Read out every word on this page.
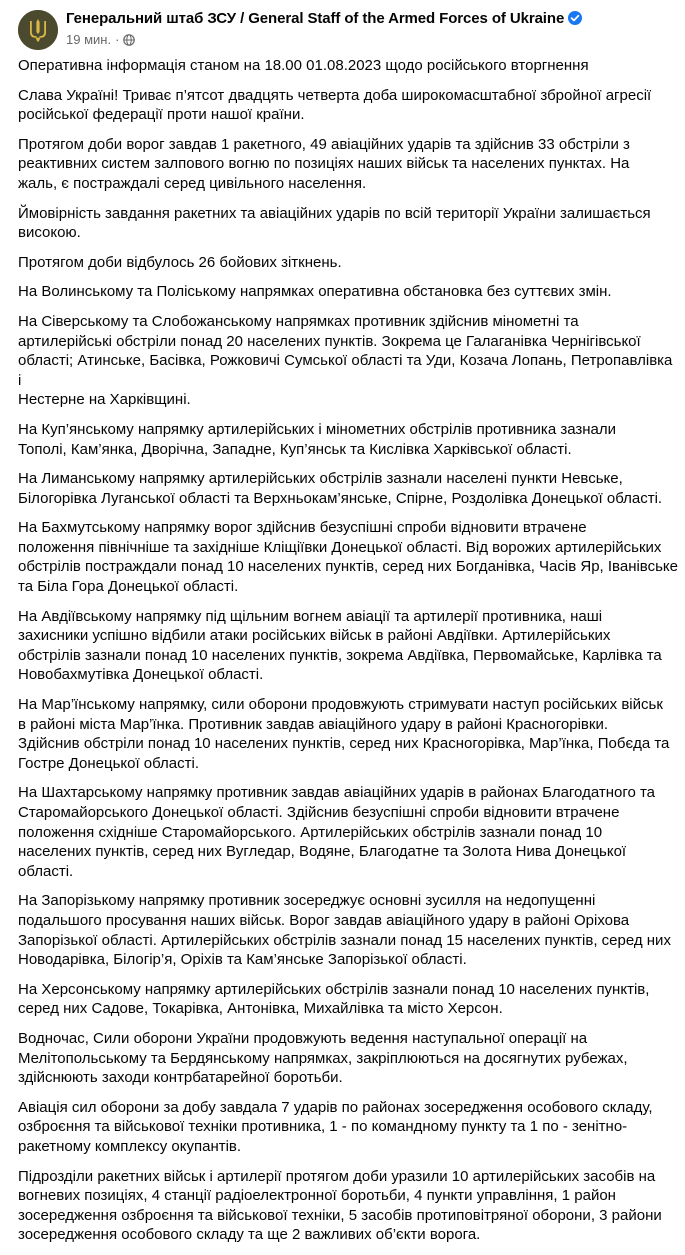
Генеральний штаб ЗСУ / General Staff of the Armed Forces of Ukraine
19 мин. ·

Оперативна інформація станом на 18.00 01.08.2023 щодо російського вторгнення

Слава Україні! Триває п’ятсот двадцять четверта доба широкомасштабної збройної агресії
російської федерації проти нашої країни.

Протягом доби ворог завдав 1 ракетного, 49 авіаційних ударів та здійснив 33 обстріли з
реактивних систем залпового вогню по позиціях наших військ та населених пунктах. На
жаль, є постраждалі серед цивільного населення.

Ймовірність завдання ракетних та авіаційних ударів по всій території України залишається
високою.

Протягом доби відбулось 26 бойових зіткнень.

На Волинському та Поліському напрямках оперативна обстановка без суттєвих змін.

На Сіверському та Слобожанському напрямках противник здійснив мінометні та
артилерійські обстріли понад 20 населених пунктів. Зокрема це Галаганівка Чернігівської
області; Атинське, Басівка, Рожковичі Сумської області та Уди, Козача Лопань, Петропавлівка і
Нестерне на Харківщині.

На Куп’янському напрямку артилерійських і мінометних обстрілів противника зазнали
Тополі, Кам’янка, Дворічна, Западне, Куп’янськ та Кислівка Харківської області.

На Лиманському напрямку артилерійських обстрілів зазнали населені пункти Невське,
Білогорівка Луганської області та Верхньокам’янське, Спірне, Роздолівка Донецької області.

На Бахмутському напрямку ворог здійснив безуспішні спроби відновити втрачене
положення північніше та західніше Кліщіївки Донецької області. Від ворожих артилерійських
обстрілів постраждали понад 10 населених пунктів, серед них Богданівка, Часів Яр, Іванівське
та Біла Гора Донецької області.

На Авдіївському напрямку під щільним вогнем авіації та артилерії противника, наші
захисники успішно відбили атаки російських військ в районі Авдіївки. Артилерійських
обстрілів зазнали понад 10 населених пунктів, зокрема Авдіївка, Первомайське, Карлівка та
Новобахмутівка Донецької області.

На Мар’їнському напрямку, сили оборони продовжують стримувати наступ російських військ
в районі міста Мар’їнка. Противник завдав авіаційного удару в районі Красногорівки.
Здійснив обстріли понад 10 населених пунктів, серед них Красногорівка, Мар’їнка, Побєда та
Гостре Донецької області.

На Шахтарському напрямку противник завдав авіаційних ударів в районах Благодатного та
Старомайорського Донецької області. Здійснив безуспішні спроби відновити втрачене
положення східніше Старомайорського. Артилерійських обстрілів зазнали понад 10
населених пунктів, серед них Вугледар, Водяне, Благодатне та Золота Нива Донецької
області.

На Запорізькому напрямку противник зосереджує основні зусилля на недопущенні
подальшого просування наших військ. Ворог завдав авіаційного удару в районі Оріхова
Запорізької області. Артилерійських обстрілів зазнали понад 15 населених пунктів, серед них
Новодарівка, Білогір’я, Оріхів та Кам’янське Запорізької області.

На Херсонському напрямку артилерійських обстрілів зазнали понад 10 населених пунктів,
серед них Садове, Токарівка, Антонівка, Михайлівка та місто Херсон.

Водночас, Сили оборони України продовжують ведення наступальної операції на
Мелітопольському та Бердянському напрямках, закріплюються на досягнутих рубежах,
здійснюють заходи контрбатарейної боротьби.

Авіація сил оборони за добу завдала 7 ударів по районах зосередження особового складу,
озброєння та військової техніки противника, 1 - по командному пункту та 1 по - зенітно-
ракетному комплексу окупантів.

Підрозділи ракетних військ і артилерії протягом доби уразили 10 артилерійських засобів на
вогневих позиціях, 4 станції радіоелектронної боротьби, 4 пункти управління, 1 район
зосередження озброєння та військової техніки, 5 засобів протиповітряної оборони, 3 райони
зосередження особового складу та ще 2 важливих об’єкти ворога.
